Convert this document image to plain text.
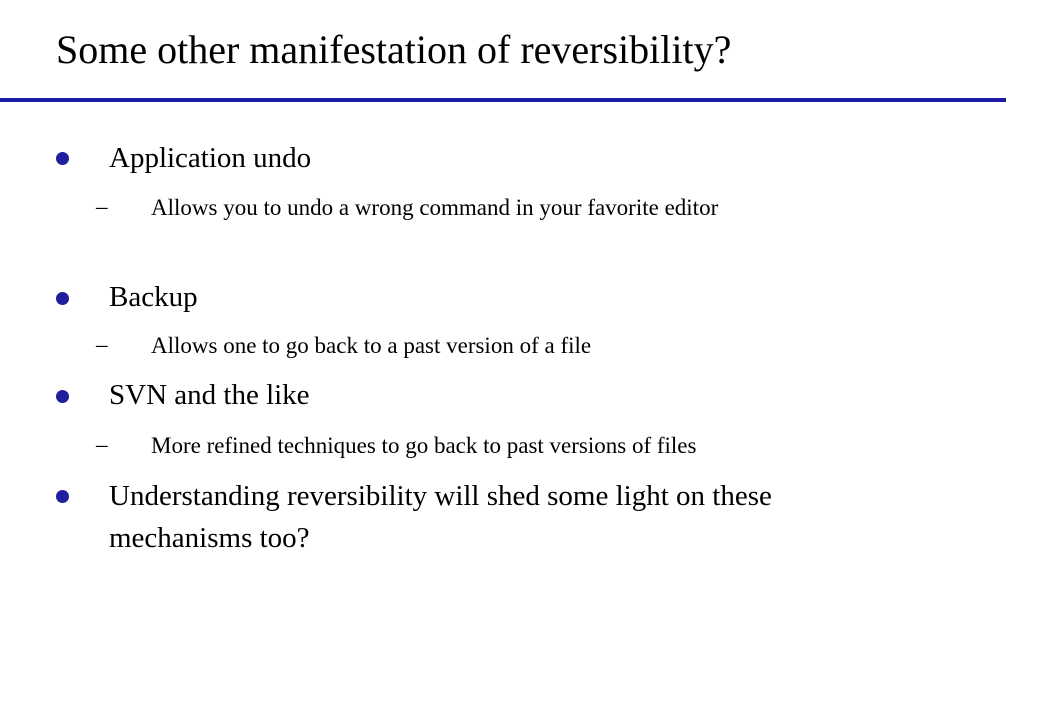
Some other manifestation of reversibility?
Application undo
– Allows you to undo a wrong command in your favorite editor
Backup
– Allows one to go back to a past version of a file
SVN and the like
– More refined techniques to go back to past versions of files
Understanding reversibility will shed some light on these mechanisms too?
